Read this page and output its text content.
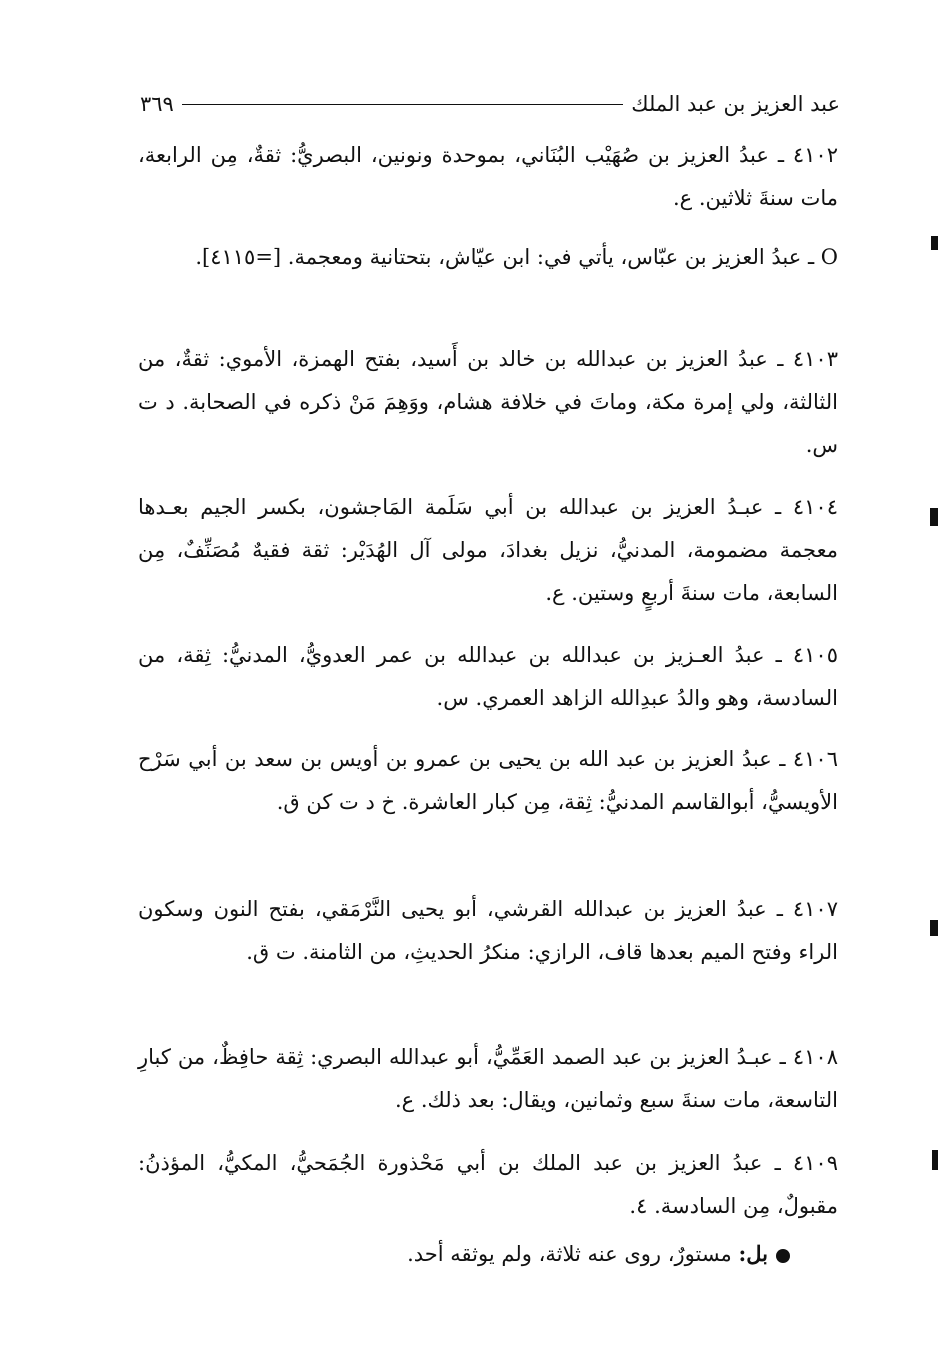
عبد العزيز بن عبد الملك
٣٦٩
٤١٠٢ ـ عبدُ العزيز بن صُهَيْب البُنَاني، بموحدة ونونين، البصريُّ: ثقةٌ، مِن الرابعة، مات سنةَ ثلاثين. ع.
O ـ عبدُ العزيز بن عبّاس، يأتي في: ابن عيّاش، بتحتانية ومعجمة. [=٤١١٥].
٤١٠٣ ـ عبدُ العزيز بن عبدالله بن خالد بن أَسيد، بفتح الهمزة، الأموي: ثقةٌ، من الثالثة، ولي إمرة مكة، وماتَ في خلافة هشام، ووَهِمَ مَنْ ذكره في الصحابة. د ت س.
٤١٠٤ ـ عبـدُ العزيز بن عبدالله بن أبي سَلَمة المَاجشون، بكسر الجيم بعـدها معجمة مضمومة، المدنيُّ، نزيل بغدادَ، مولى آل الهُدَيْر: ثقة فقيهٌ مُصَنِّفٌ، مِن السابعة، مات سنةَ أربعٍ وستين. ع.
٤١٠٥ ـ عبدُ العـزيز بن عبدالله بن عبدالله بن عمر العدويُّ، المدنيُّ: ثِقة، من السادسة، وهو والدُ عبدِالله الزاهد العمري. س.
٤١٠٦ ـ عبدُ العزيز بن عبد الله بن يحيى بن عمرو بن أويس بن سعد بن أبي سَرْح الأويسيُّ، أبوالقاسم المدنيُّ: ثِقة، مِن كبار العاشرة. خ د ت كن ق.
٤١٠٧ ـ عبدُ العزيز بن عبدالله القرشي، أبو يحيى النَّرْمَقي، بفتح النون وسكون الراء وفتح الميم بعدها قاف، الرازي: منكرُ الحديثِ، من الثامنة. ت ق.
٤١٠٨ ـ عبـدُ العزيز بن عبد الصمد العَمِّيُّ، أبو عبدالله البصري: ثِقة حافِظٌ، من كبارِ التاسعة، مات سنةَ سبع وثمانين، ويقال: بعد ذلك. ع.
٤١٠٩ ـ عبدُ العزيز بن عبد الملك بن أبي مَحْذورة الجُمَحيُّ، المكيُّ، المؤذنُ: مقبولٌ، مِن السادسة. ٤.
بل: مستورٌ، روى عنه ثلاثة، ولم يوثقه أحد.
